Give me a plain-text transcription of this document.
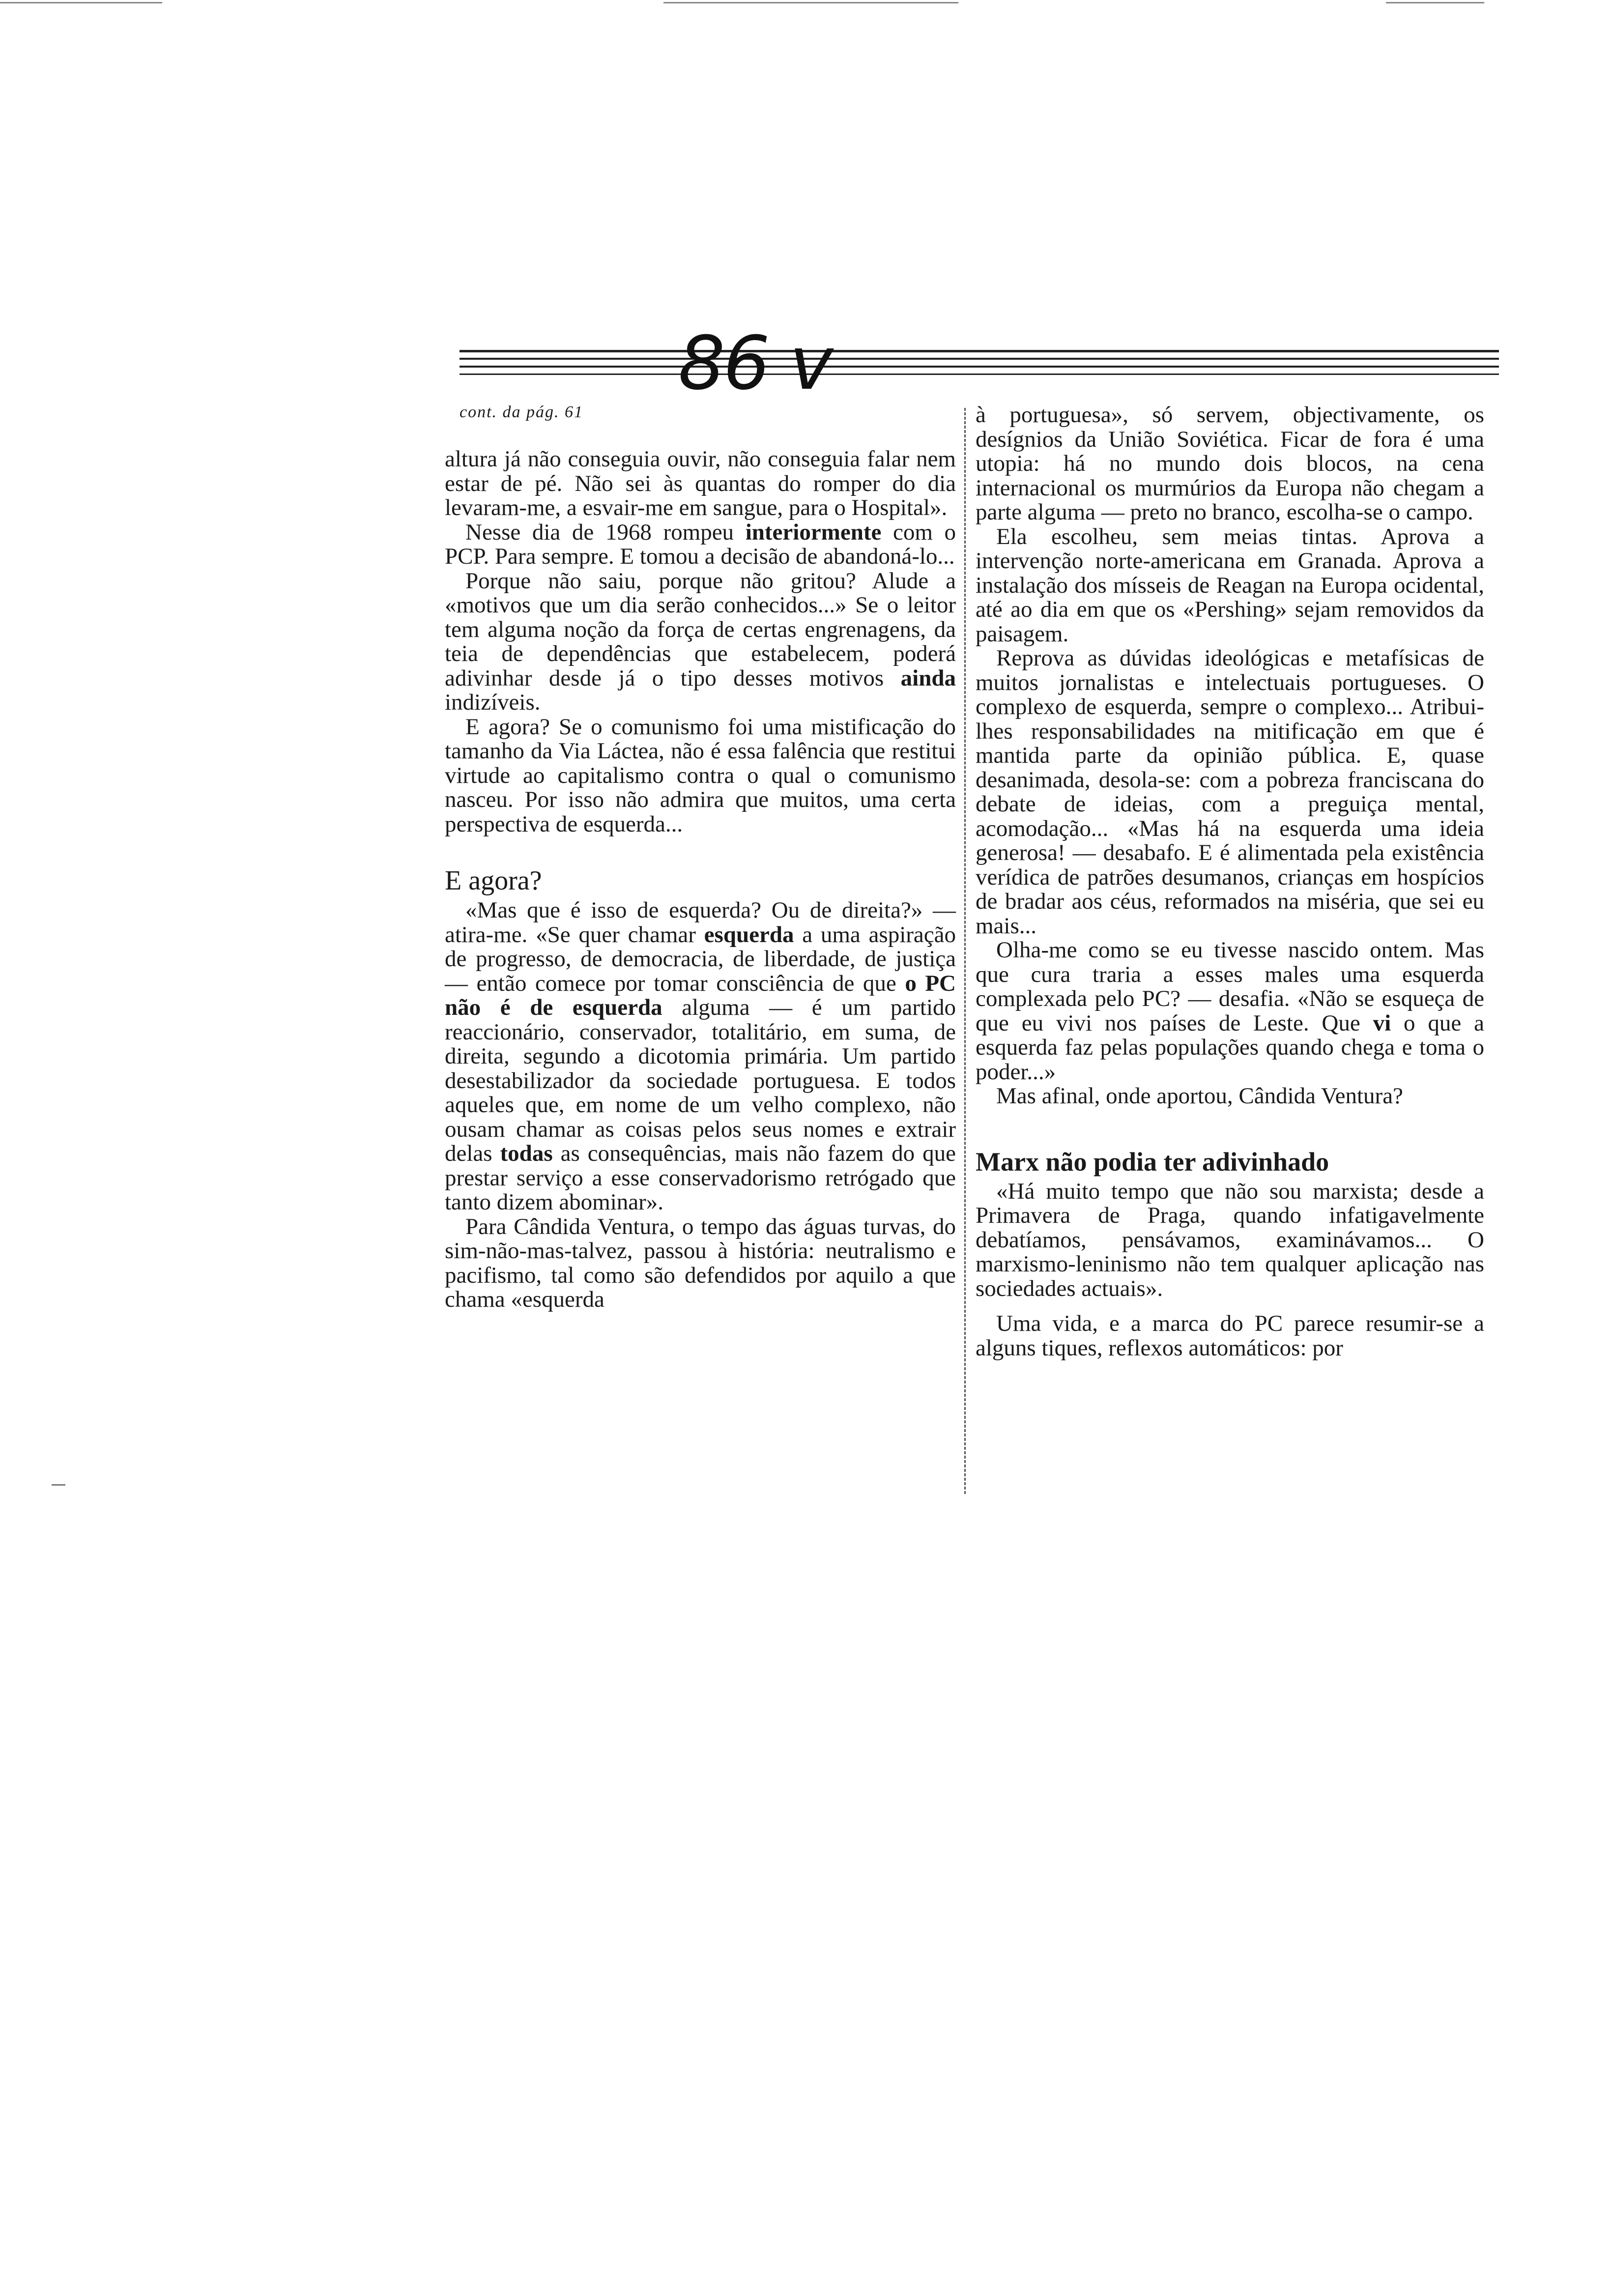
86 v
cont. da pág. 61

altura já não conseguia ouvir, não conseguia falar nem estar de pé. Não sei às quantas do romper do dia levaram-me, a esvair-me em sangue, para o Hospital».

Nesse dia de 1968 rompeu interiormente com o PCP. Para sempre. E tomou a decisão de abandoná-lo...

Porque não saiu, porque não gritou? Alude a «motivos que um dia serão conhecidos...» Se o leitor tem alguma noção da força de certas engrenagens, da teia de dependências que estabelecem, poderá adivinhar desde já o tipo desses motivos ainda indizíveis.

E agora? Se o comunismo foi uma mistificação do tamanho da Via Láctea, não é essa falência que restitui virtude ao capitalismo contra o qual o comunismo nasceu. Por isso não admira que muitos, uma certa perspectiva de esquerda...

E agora?

«Mas que é isso de esquerda? Ou de direita?» — atira-me. «Se quer chamar esquerda a uma aspiração de progresso, de democracia, de liberdade, de justiça — então comece por tomar consciência de que o PC não é de esquerda alguma — é um partido reaccionário, conservador, totalitário, em suma, de direita, segundo a dicotomia primária. Um partido desestabilizador da sociedade portuguesa. E todos aqueles que, em nome de um velho complexo, não ousam chamar as coisas pelos seus nomes e extrair delas todas as consequências, mais não fazem do que prestar serviço a esse conservadorismo retrógado que tanto dizem abominar».

Para Cândida Ventura, o tempo das águas turvas, do sim-não-mas-talvez, passou à história: neutralismo e pacifismo, tal como são defendidos por aquilo a que chama «esquerda

à portuguesa», só servem, objectivamente, os desígnios da União Soviética. Ficar de fora é uma utopia: há no mundo dois blocos, na cena internacional os murmúrios da Europa não chegam a parte alguma — preto no branco, escolha-se o campo.

Ela escolheu, sem meias tintas. Aprova a intervenção norte-americana em Granada. Aprova a instalação dos mísseis de Reagan na Europa ocidental, até ao dia em que os «Pershing» sejam removidos da paisagem.

Reprova as dúvidas ideológicas e metafísicas de muitos jornalistas e intelectuais portugueses. O complexo de esquerda, sempre o complexo... Atribui-lhes responsabilidades na mitificação em que é mantida parte da opinião pública. E, quase desanimada, desola-se: com a pobreza franciscana do debate de ideias, com a preguiça mental, acomodação... «Mas há na esquerda uma ideia generosa! — desabafo. E é alimentada pela existência verídica de patrões desumanos, crianças em hospícios de bradar aos céus, reformados na miséria, que sei eu mais...

Olha-me como se eu tivesse nascido ontem. Mas que cura traria a esses males uma esquerda complexada pelo PC? — desafia. «Não se esqueça de que eu vivi nos países de Leste. Que vi o que a esquerda faz pelas populações quando chega e toma o poder...»

Mas afinal, onde aportou, Cândida Ventura?

Marx não podia ter adivinhado

«Há muito tempo que não sou marxista; desde a Primavera de Praga, quando infatigavelmente debatíamos, pensávamos, examinávamos... O marxismo-leninismo não tem qualquer aplicação nas sociedades actuais».

Uma vida, e a marca do PC parece resumir-se a alguns tiques, reflexos automáticos: por
